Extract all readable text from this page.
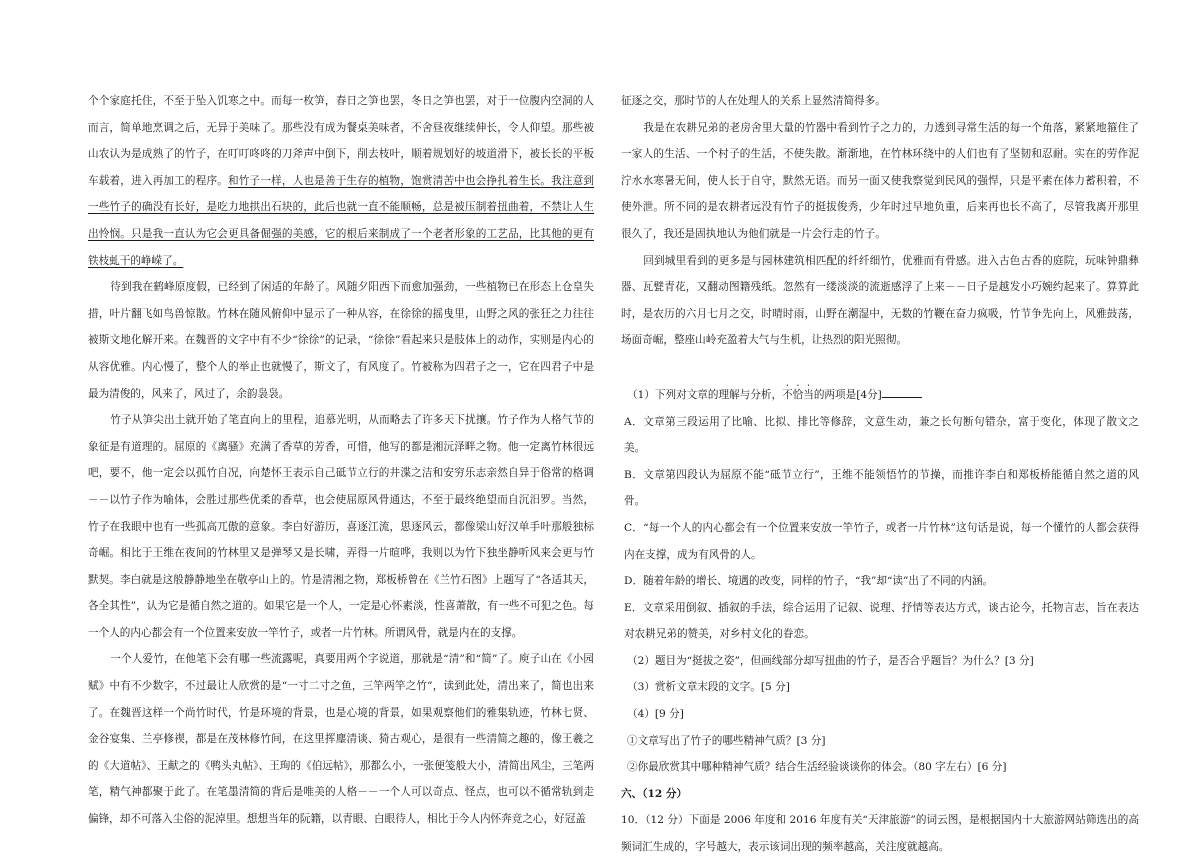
个个家庭托住，不至于坠入饥寒之中。而每一枚笋，春日之笋也罢，冬日之笋也罢，对于一位腹内空洞的人而言，简单地烹调之后，无异于美味了。那些没有成为餐桌美味者，不舍昼夜继续伸长，令人仰望。那些被山农认为是成熟了的竹子，在叮叮咚咚的刀斧声中倒下，削去枝叶，顺着规划好的坡道滑下，被长长的平板车载着，进入再加工的程序。和竹子一样，人也是善于生存的植物，饱赏清苦中也会挣扎着生长。我注意到一些竹子的确没有长好，是吃力地拱出石块的，此后也就一直不能顺畅，总是被压制着扭曲着，不禁让人生出怜悯。只是我一直认为它会更具备倔强的美感，它的根后来制成了一个老者形象的工艺品，比其他的更有铁枝虬干的峥嵘了。

待到我在鹤峰原度假，已经到了闲适的年龄了。风随夕阳西下而愈加强劲，一些植物已在形态上仓皇失措，叶片翻飞如鸟兽惊散。竹林在随风俯仰中显示了一种从容，在徐徐的摇曳里，山野之风的张狂之力往往被斯文地化解开来。在魏晋的文字中有不少“徐徐”的记录，“徐徐”看起来只是肢体上的动作，实则是内心的从容优雅。内心慢了，整个人的举止也就慢了，斯文了，有风度了。竹被称为四君子之一，它在四君子中是最为清俊的，风来了，风过了，余韵袅袅。

竹子从笋尖出土就开始了笔直向上的里程，追慕光明，从而略去了许多天下扰攘。竹子作为人格气节的象征是有道理的。屈原的《离骚》充满了香草的芳香，可惜，他写的都是湘沅泽畔之物。他一定离竹林很远吧，要不，他一定会以孤竹自况，向楚怀王表示自己砥节立行的井渫之洁和安穷乐志亲然自异于俗常的格调－－以竹子作为喻体，会胜过那些优柔的香草，也会使屈原风骨通达，不至于最终绝望而自沉汨罗。当然，竹子在我眼中也有一些孤高兀傲的意象。李白好游历，喜逐江流，思逐风云，都像梁山好汉单手叶那般独标奇崛。相比于王维在夜间的竹林里又是弹琴又是长啸，弄得一片暄哗，我则以为竹下独坐静听风来会更与竹默契。李白就是这般静静地坐在敬亭山上的。竹是清湘之物，郑板桥曾在《兰竹石图》上题写了“各适其天，各全其性”，认为它是循自然之道的。如果它是一个人，一定是心怀素淡，性喜萧散，有一些不可犯之色。每一个人的内心都会有一个位置来安放一竿竹子，或者一片竹林。所谓风骨，就是内在的支撑。

一个人爱竹，在他笔下会有哪一些流露呢，真要用两个字说道，那就是“清”和“简”了。庾子山在《小园赋》中有不少数字，不过最让人欣赏的是“一寸二寸之鱼，三竿两竿之竹”，读到此处，清出来了，简也出来了。在魏晋这样一个尚竹时代，竹是环境的背景，也是心境的背景，如果观察他们的雅集轨迹，竹林七贤、金谷宴集、兰亭修禊，都是在茂林修竹间，在这里挥麈清谈、猗古观心，是很有一些清简之趣的，像王羲之的《大道帖》、王献之的《鸭头丸帖》、王珣的《伯远帖》，那都么小，一张便笺般大小，清简出风尘，三笔两笔，精气神都聚于此了。在笔墨清简的背后是唯美的人格－－一个人可以奇点、怪点，也可以不循常轨到走偏锋，却不可落入尘俗的泥淖里。想想当年的阮籍，以青眼、白眼待人，相比于今人内怀奔竞之心，好冠盖

征逐之交，那时节的人在处理人的关系上显然清简得多。

我是在农耕兄弟的老房舍里大量的竹器中看到竹子之力的，力透到寻常生活的每一个角落，紧紧地箍住了一家人的生活、一个村子的生活，不使失散。渐渐地，在竹林环绕中的人们也有了坚韧和忍耐。实在的劳作泥泞水水寒暑无间，使人长于自守，默然无语。而另一面又使我察觉到民风的强悍，只是平素在体力蓄积着，不使外泄。所不同的是农耕者远没有竹子的挺拔俊秀，少年时过早地负重，后来再也长不高了，尽管我离开那里很久了，我还是固执地认为他们就是一片会行走的竹子。

回到城里看到的更多是与园林建筑相匹配的纤纤细竹，优雅而有骨感。进入古色古香的庭院，玩味钟鼎彝器、瓦甓青花，又翻动图籍残纸。忽然有一缕淡淡的流逝感浮了上来－－日子是越发小巧婉约起来了。算算此时，是农历的六月七月之交，时晴时雨，山野在潮湿中，无数的竹鞭在奋力疯吸，竹节争先向上，风雅鼓荡，场面奇崛，整座山岭充盈着大气与生机，让热烈的阳光照彻。

（1）下列对文章的理解与分析，不恰当的两项是[4分]

A．文章第三段运用了比喻、比拟、排比等修辞，文意生动，兼之长句断句错杂，富于变化，体现了散文之美。

B．文章第四段认为屈原不能“砥节立行”，王维不能领悟竹的节操，而推许李白和郑板桥能循自然之道的风骨。

C．“每一个人的内心都会有一个位置来安放一竿竹子，或者一片竹林”这句话是说，每一个懂竹的人都会获得内在支撑，成为有风骨的人。

D．随着年龄的增长、境遇的改变，同样的竹子，“我”却“读”出了不同的内涵。

E．文章采用倒叙、插叙的手法，综合运用了记叙、说理、抒情等表达方式，谈古论今，托物言志，旨在表达对农耕兄弟的赞美，对乡村文化的眷恋。

（2）题目为“挺拔之姿”，但画线部分却写扭曲的竹子，是否合乎题旨？为什么？[3 分]

（3）赏析文章末段的文字。[5 分]

（4）[9 分]

①文章写出了竹子的哪些精神气质？[3 分]

②你最欣赏其中哪种精神气质？结合生活经验谈谈你的体会。（80 字左右）[6 分]

六、（12 分）

10．（12 分）下面是 2006 年度和 2016 年度有关“天津旅游”的词云图，是根据国内十大旅游网站筛选出的高频词汇生成的，字号越大，表示该词出现的频率越高，关注度就越高。
